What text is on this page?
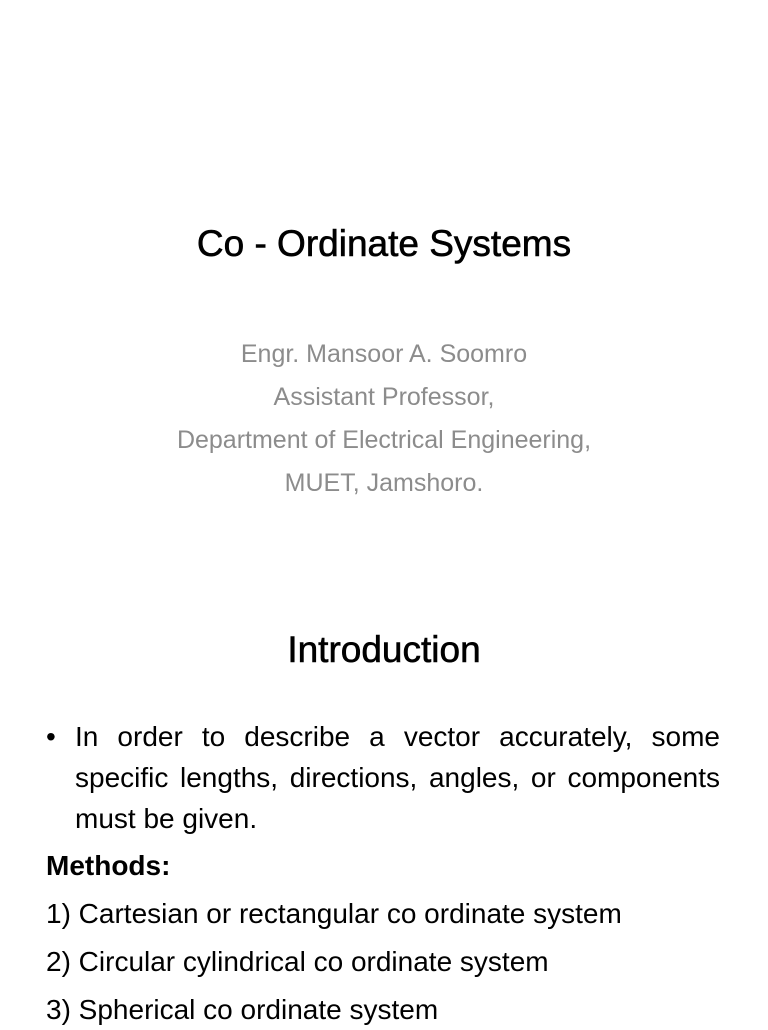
Co - Ordinate Systems
Engr. Mansoor A. Soomro
Assistant Professor,
Department of Electrical Engineering,
MUET, Jamshoro.
Introduction
• In order to describe a vector accurately, some specific lengths, directions, angles, or components must be given.
Methods:
1) Cartesian or rectangular co ordinate system
2) Circular cylindrical co ordinate system
3) Spherical co ordinate system
